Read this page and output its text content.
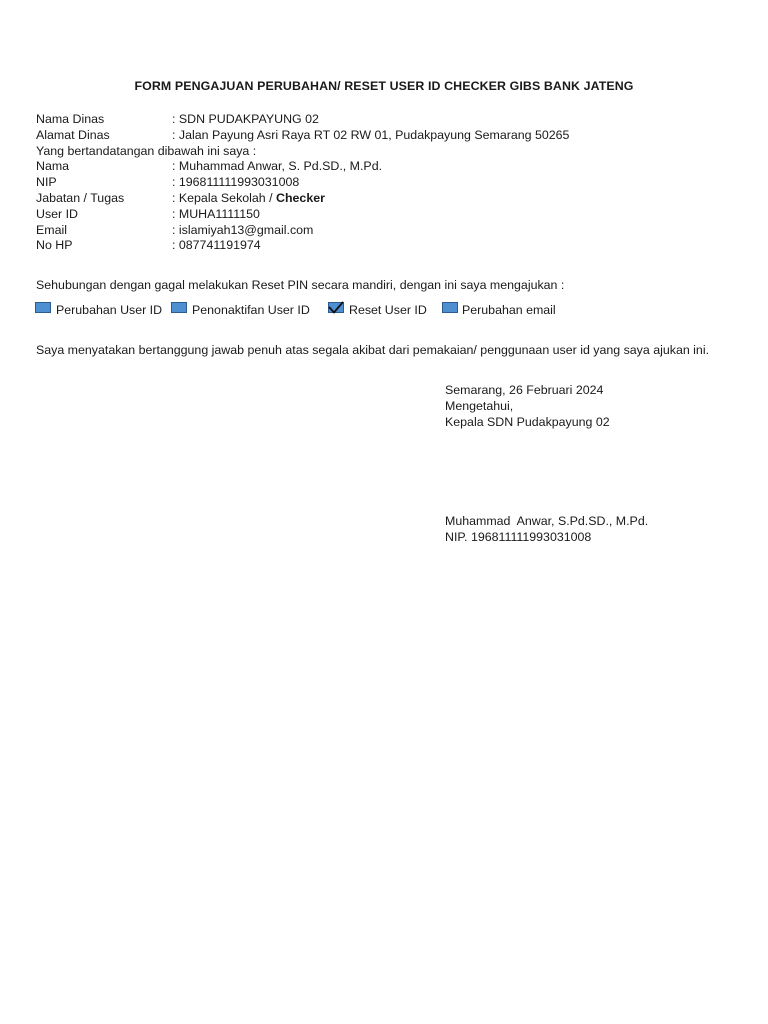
FORM PENGAJUAN PERUBAHAN/ RESET USER ID CHECKER GIBS BANK JATENG
Nama Dinas	: SDN PUDAKPAYUNG 02
Alamat Dinas	: Jalan Payung Asri Raya RT 02 RW 01, Pudakpayung Semarang 50265
Yang bertandatangan dibawah ini saya :
Nama	: Muhammad Anwar, S. Pd.SD., M.Pd.
NIP	: 196811111993031008
Jabatan / Tugas	: Kepala Sekolah / Checker
User ID	: MUHA1111150
Email	: islamiyah13@gmail.com
No HP	: 087741191974
Sehubungan dengan gagal melakukan Reset PIN secara mandiri, dengan ini saya mengajukan :
Perubahan User ID Penonaktifan User ID	Reset User ID	Perubahan email
Saya menyatakan bertanggung jawab penuh atas segala akibat dari pemakaian/ penggunaan user id yang saya ajukan ini.
Semarang, 26 Februari 2024
Mengetahui,
Kepala SDN Pudakpayung 02
Muhammad  Anwar, S.Pd.SD., M.Pd.
NIP. 196811111993031008
